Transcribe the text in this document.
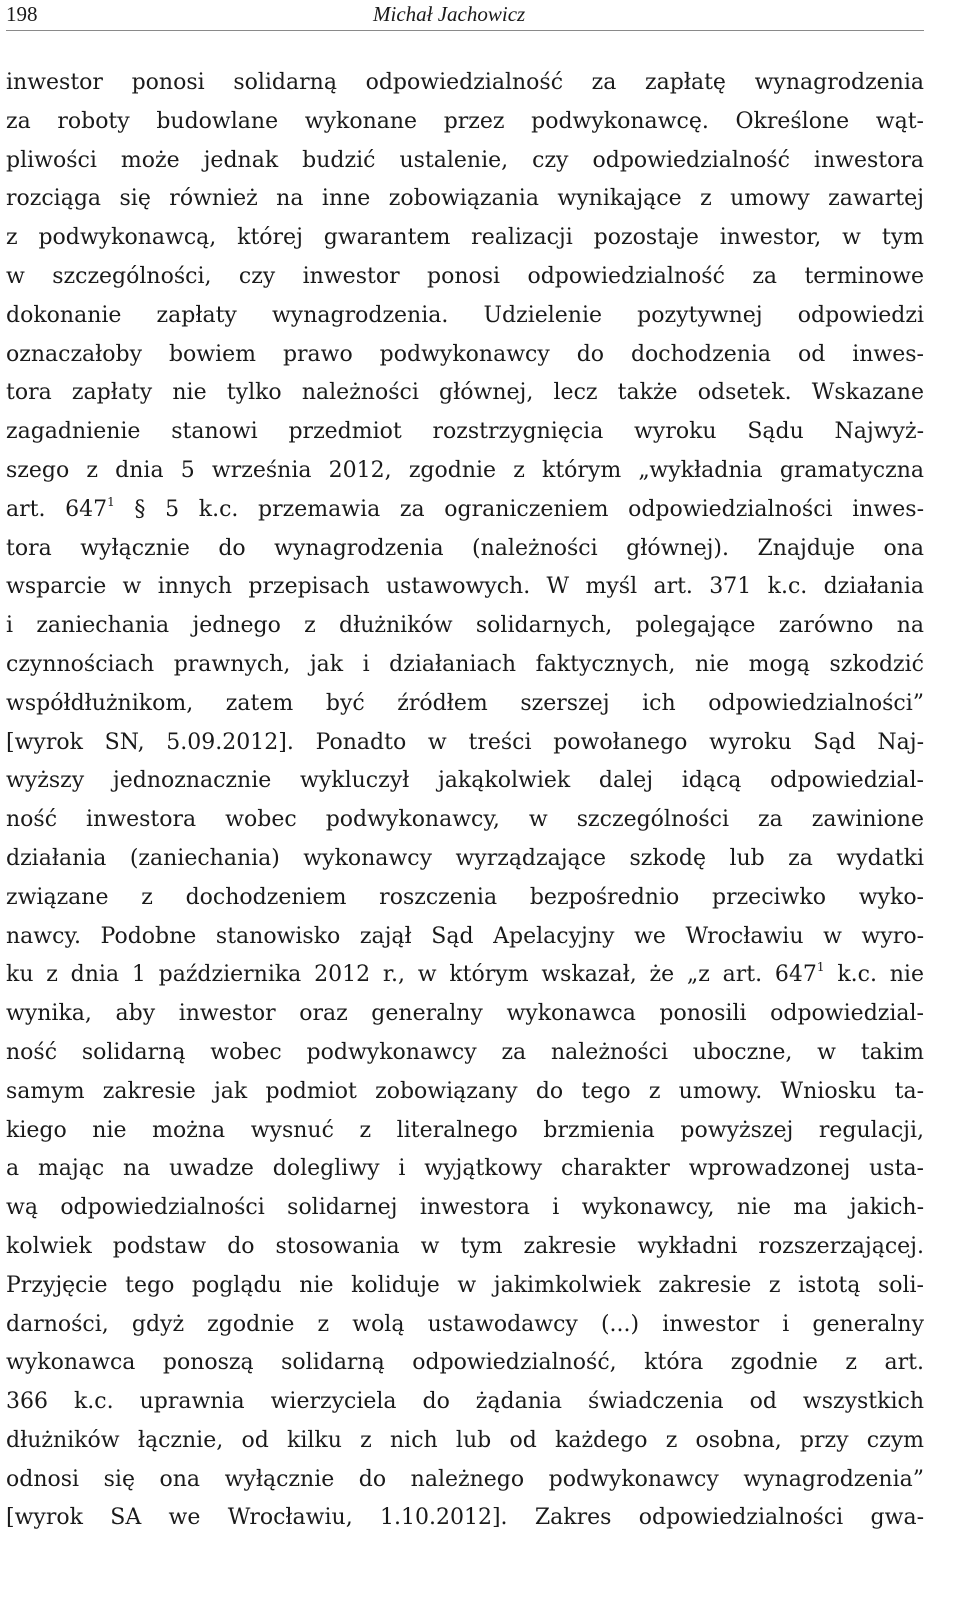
198	Michał Jachowicz
inwestor ponosi solidarną odpowiedzialność za zapłatę wynagrodzenia
za roboty budowlane wykonane przez podwykonawcę. Określone wąt-
pliwości może jednak budzić ustalenie, czy odpowiedzialność inwestora
rozciąga się również na inne zobowiązania wynikające z umowy zawartej
z podwykonawcą, której gwarantem realizacji pozostaje inwestor, w tym
w szczególności, czy inwestor ponosi odpowiedzialność za terminowe
dokonanie zapłaty wynagrodzenia. Udzielenie pozytywnej odpowiedzi
oznaczałoby bowiem prawo podwykonawcy do dochodzenia od inwes-
tora zapłaty nie tylko należności głównej, lecz także odsetek. Wskazane
zagadnienie stanowi przedmiot rozstrzygnięcia wyroku Sądu Najwyż-
szego z dnia 5 września 2012, zgodnie z którym „wykładnia gramatyczna
art. $647^1$ § 5 k.c. przemawia za ograniczeniem odpowiedzialności inwes-
tora wyłącznie do wynagrodzenia (należności głównej). Znajduje ona
wsparcie w innych przepisach ustawowych. W myśl art. 371 k.c. działania
i zaniechania jednego z dłużników solidarnych, polegające zarówno na
czynnościach prawnych, jak i działaniach faktycznych, nie mogą szkodzić
współdłużnikom, zatem być źródłem szerszej ich odpowiedzialności”
[wyrok SN, 5.09.2012]. Ponadto w treści powołanego wyroku Sąd Naj-
wyższy jednoznacznie wykluczył jakąkolwiek dalej idącą odpowiedzial-
ność inwestora wobec podwykonawcy, w szczególności za zawinione
działania (zaniechania) wykonawcy wyrządzające szkodę lub za wydatki
związane z dochodzeniem roszczenia bezpośrednio przeciwko wyko-
nawcy. Podobne stanowisko zajął Sąd Apelacyjny we Wrocławiu w wyro-
ku z dnia 1 października 2012 r., w którym wskazał, że „z art. $647^1$ k.c. nie
wynika, aby inwestor oraz generalny wykonawca ponosili odpowiedzial-
ność solidarną wobec podwykonawcy za należności uboczne, w takim
samym zakresie jak podmiot zobowiązany do tego z umowy. Wniosku ta-
kiego nie można wysnuć z literalnego brzmienia powyższej regulacji,
a mając na uwadze dolegliwy i wyjątkowy charakter wprowadzonej usta-
wą odpowiedzialności solidarnej inwestora i wykonawcy, nie ma jakich-
kolwiek podstaw do stosowania w tym zakresie wykładni rozszerzającej.
Przyjęcie tego poglądu nie koliduje w jakimkolwiek zakresie z istotą soli-
darności, gdyż zgodnie z wolą ustawodawcy (...) inwestor i generalny
wykonawca ponoszą solidarną odpowiedzialność, która zgodnie z art.
366 k.c. uprawnia wierzyciela do żądania świadczenia od wszystkich
dłużników łącznie, od kilku z nich lub od każdego z osobna, przy czym
odnosi się ona wyłącznie do należnego podwykonawcy wynagrodzenia”
[wyrok SA we Wrocławiu, 1.10.2012]. Zakres odpowiedzialności gwa-
